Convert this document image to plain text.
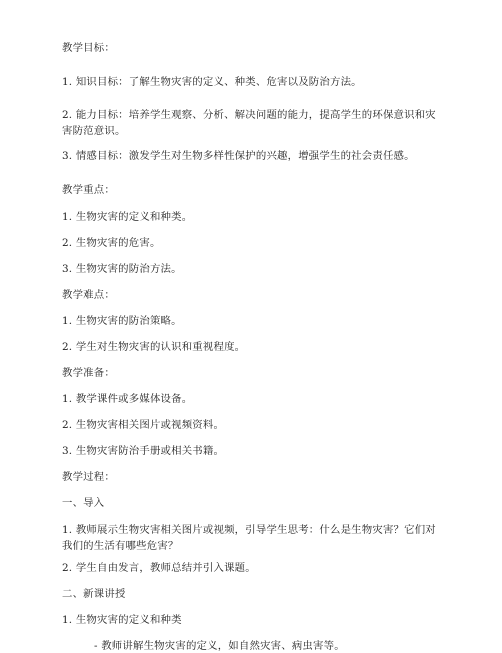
教学目标：
1. 知识目标：了解生物灾害的定义、种类、危害以及防治方法。
2. 能力目标：培养学生观察、分析、解决问题的能力，提高学生的环保意识和灾害防范意识。
3. 情感目标：激发学生对生物多样性保护的兴趣，增强学生的社会责任感。
教学重点：
1. 生物灾害的定义和种类。
2. 生物灾害的危害。
3. 生物灾害的防治方法。
教学难点：
1. 生物灾害的防治策略。
2. 学生对生物灾害的认识和重视程度。
教学准备：
1. 教学课件或多媒体设备。
2. 生物灾害相关图片或视频资料。
3. 生物灾害防治手册或相关书籍。
教学过程：
一、导入
1. 教师展示生物灾害相关图片或视频，引导学生思考：什么是生物灾害？它们对我们的生活有哪些危害？
2. 学生自由发言，教师总结并引入课题。
二、新课讲授
1. 生物灾害的定义和种类
- 教师讲解生物灾害的定义，如自然灾害、病虫害等。
